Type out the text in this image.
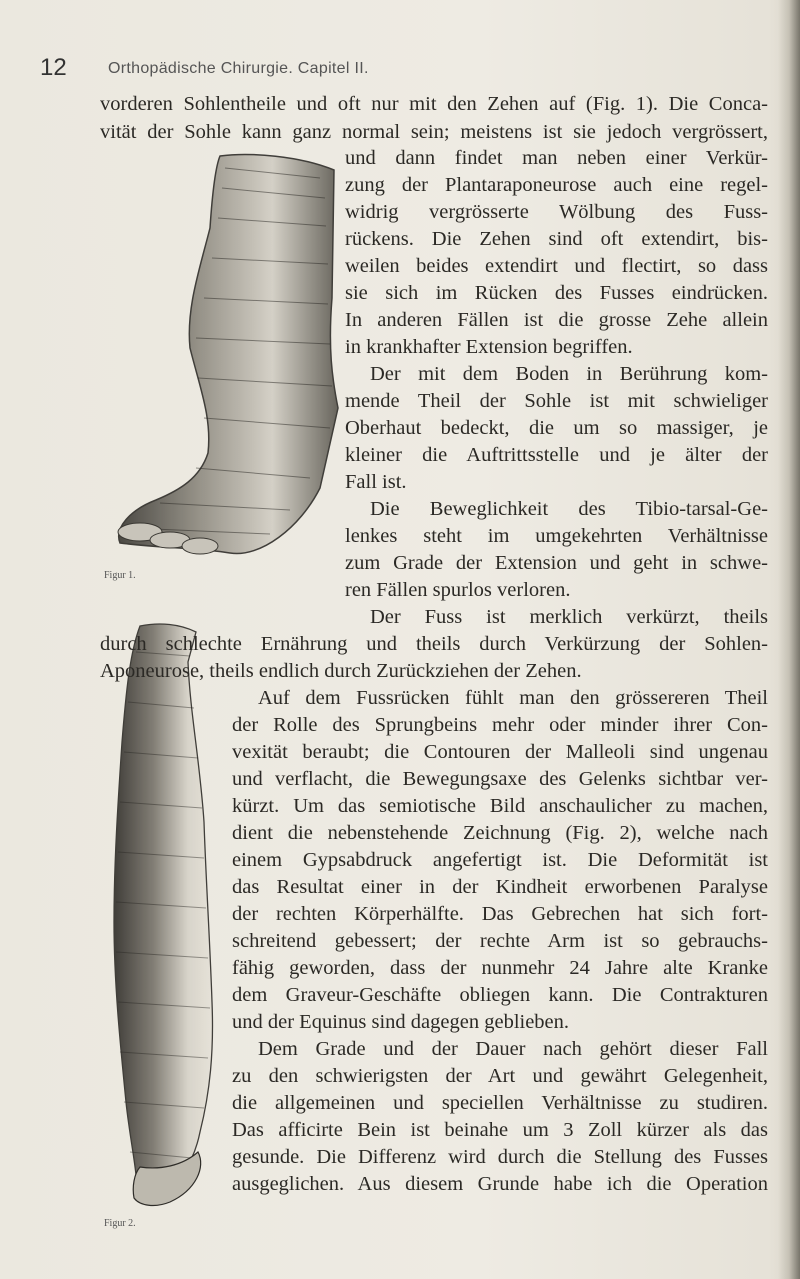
12	Orthopädische Chirurgie. Capitel II.
Figur 1.
Figur 2.
vorderen Sohlentheile und oft nur mit den Zehen auf (Fig. 1). Die Conca-
vität der Sohle kann ganz normal sein; meistens ist sie jedoch vergrössert,
und dann findet man neben einer Verkür-
zung der Plantaraponeurose auch eine regel-
widrig vergrösserte Wölbung des Fuss-
rückens. Die Zehen sind oft extendirt, bis-
weilen beides extendirt und flectirt, so dass
sie sich im Rücken des Fusses eindrücken.
In anderen Fällen ist die grosse Zehe allein
in krankhafter Extension begriffen.
Der mit dem Boden in Berührung kom-
mende Theil der Sohle ist mit schwieliger
Oberhaut bedeckt, die um so massiger, je
kleiner die Auftrittsstelle und je älter der
Fall ist.
Die Beweglichkeit des Tibio-tarsal-Ge-
lenkes steht im umgekehrten Verhältnisse
zum Grade der Extension und geht in schwe-
ren Fällen spurlos verloren.
Der Fuss ist merklich verkürzt, theils
durch schlechte Ernährung und theils durch Verkürzung der Sohlen-
Aponeurose, theils endlich durch Zurückziehen der Zehen.
Auf dem Fussrücken fühlt man den grössereren Theil
der Rolle des Sprungbeins mehr oder minder ihrer Con-
vexität beraubt; die Contouren der Malleoli sind ungenau
und verflacht, die Bewegungsaxe des Gelenks sichtbar ver-
kürzt. Um das semiotische Bild anschaulicher zu machen,
dient die nebenstehende Zeichnung (Fig. 2), welche nach
einem Gypsabdruck angefertigt ist. Die Deformität ist
das Resultat einer in der Kindheit erworbenen Paralyse
der rechten Körperhälfte. Das Gebrechen hat sich fort-
schreitend gebessert; der rechte Arm ist so gebrauchs-
fähig geworden, dass der nunmehr 24 Jahre alte Kranke
dem Graveur-Geschäfte obliegen kann. Die Contrakturen
und der Equinus sind dagegen geblieben.
Dem Grade und der Dauer nach gehört dieser Fall
zu den schwierigsten der Art und gewährt Gelegenheit,
die allgemeinen und speciellen Verhältnisse zu studiren.
Das afficirte Bein ist beinahe um 3 Zoll kürzer als das
gesunde. Die Differenz wird durch die Stellung des Fusses
ausgeglichen. Aus diesem Grunde habe ich die Operation
